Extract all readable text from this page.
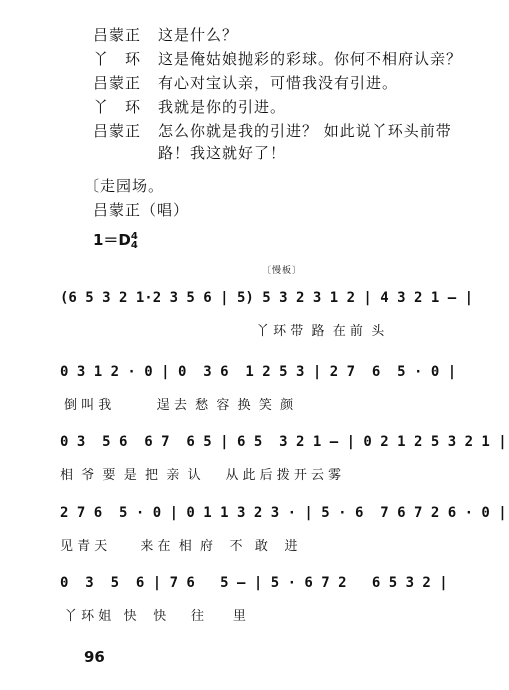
吕蒙正	这是什么？
丫　环	这是俺姑娘抛彩的彩球。你何不相府认亲？
吕蒙正	有心对宝认亲，可惜我没有引进。
丫　环	我就是你的引进。
吕蒙正	怎么你就是我的引进？ 如此说丫环头前带
路！我这就好了！
〔走园场。
吕蒙正（唱）
1＝D4
4
〔慢板〕
(6 5 3 2 1·2 3 5 6 | 5) 5 3 2 3 1 2 | 4 3 2 1 — |
丫 环 带  路  在 前  头
0 3 1 2 · 0 | 0  3 6  1 2 5 3 | 2 7  6  5 · 0 |
倒 叫 我           逞 去  愁  容  换  笑  颜
0 3  5 6  6 7  6 5 | 6 5  3 2 1 — | 0 2 1 2 5 3 2 1 |
相  爷  要  是  把  亲  认      从 此 后 拨 开 云 雾
2 7 6  5 · 0 | 0 1 1 3 2 3 · | 5 · 6  7 6 7 2 6 · 0 |
见 青 天        来 在  相  府    不   敢    进
0  3  5  6 | 7 6   5 — | 5 · 6 7 2   6 5 3 2 |
丫 环 姐   快    快      往       里
96
